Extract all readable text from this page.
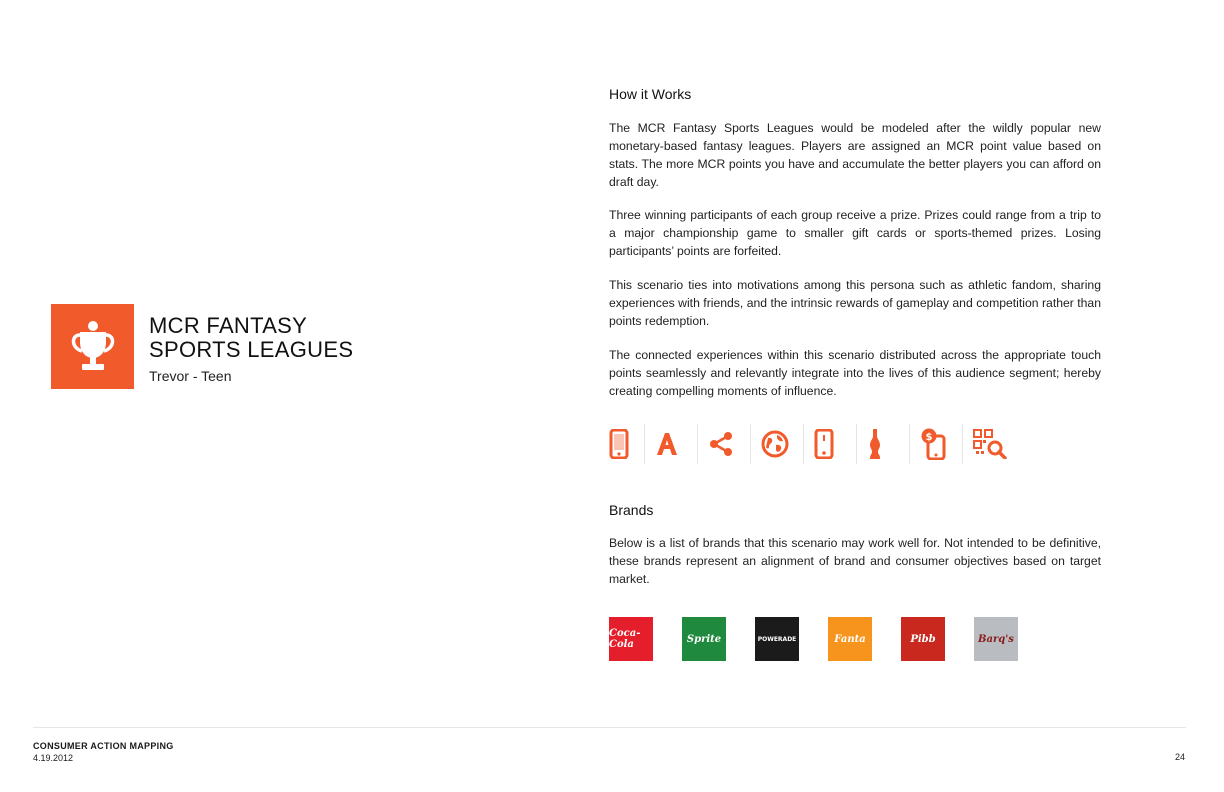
MCR FANTASY
SPORTS LEAGUES
Trevor - Teen
How it Works

The MCR Fantasy Sports Leagues would be modeled after the wildly popular new monetary-based fantasy leagues. Players are assigned an MCR point value based on stats. The more MCR points you have and accumulate the better players you can afford on draft day.

Three winning participants of each group receive a prize. Prizes could range from a trip to a major championship game to smaller gift cards or sports-themed prizes. Losing participants’ points are forfeited.

This scenario ties into motivations among this persona such as athletic fandom, sharing experiences with friends, and the intrinsic rewards of gameplay and competition rather than points redemption.

The connected experiences within this scenario distributed across the appropriate touch points seamlessly and relevantly integrate into the lives of this audience segment; hereby creating compelling moments of influence.

$
Brands

Below is a list of brands that this scenario may work well for. Not intended to be definitive, these brands represent an alignment of brand and consumer objectives based on target market.

Coca-Cola	Sprite	POWERADE	Fanta	Pibb	Barq's
CONSUMER ACTION MAPPING
4.19.2012	24
